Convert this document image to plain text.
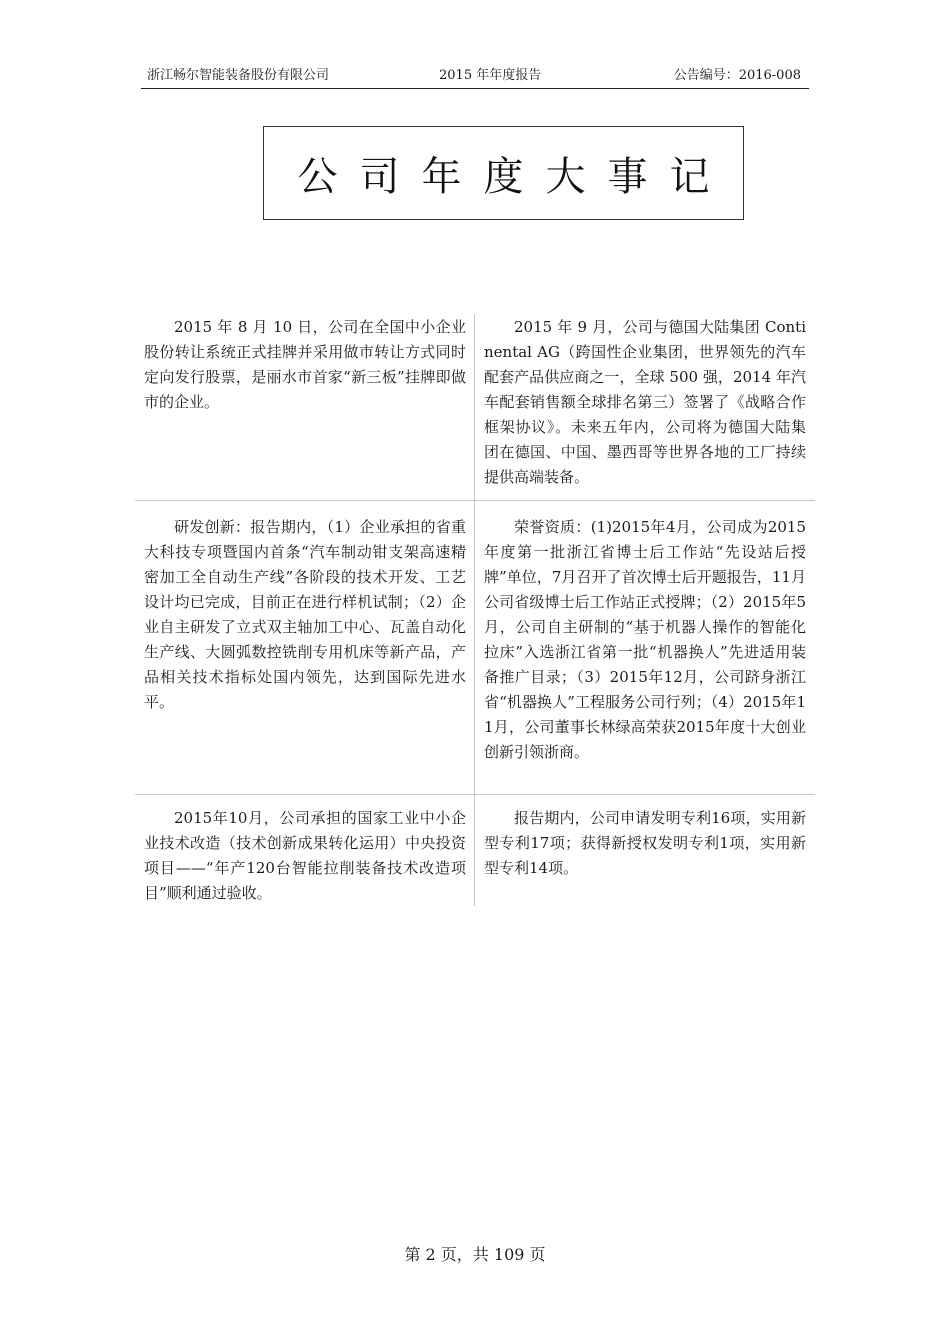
浙江畅尔智能装备股份有限公司	2015 年年度报告	公告编号：2016-008
公司年度大事记

2015 年 8 月 10 日，公司在全国中小企业股份转让系统正式挂牌并采用做市转让方式同时定向发行股票，是丽水市首家“新三板”挂牌即做市的企业。

2015 年 9 月，公司与德国大陆集团 Continental AG（跨国性企业集团，世界领先的汽车配套产品供应商之一，全球 500 强，2014 年汽车配套销售额全球排名第三）签署了《战略合作框架协议》。未来五年内，公司将为德国大陆集团在德国、中国、墨西哥等世界各地的工厂持续提供高端装备。

研发创新：报告期内，（1）企业承担的省重大科技专项暨国内首条“汽车制动钳支架高速精密加工全自动生产线”各阶段的技术开发、工艺设计均已完成，目前正在进行样机试制；（2）企业自主研发了立式双主轴加工中心、瓦盖自动化生产线、大圆弧数控铣削专用机床等新产品，产品相关技术指标处国内领先，达到国际先进水平。

荣誉资质：(1)2015年4月，公司成为2015年度第一批浙江省博士后工作站“先设站后授牌”单位，7月召开了首次博士后开题报告，11月公司省级博士后工作站正式授牌；（2）2015年5月，公司自主研制的“基于机器人操作的智能化拉床”入选浙江省第一批“机器换人”先进适用装备推广目录；（3）2015年12月，公司跻身浙江省“机器换人”工程服务公司行列；（4）2015年11月，公司董事长林绿高荣获2015年度十大创业创新引领浙商。

2015年10月，公司承担的国家工业中小企业技术改造（技术创新成果转化运用）中央投资项目——“年产120台智能拉削装备技术改造项目”顺利通过验收。

报告期内，公司申请发明专利16项，实用新型专利17项；获得新授权发明专利1项，实用新型专利14项。

第 2 页，共 109 页
